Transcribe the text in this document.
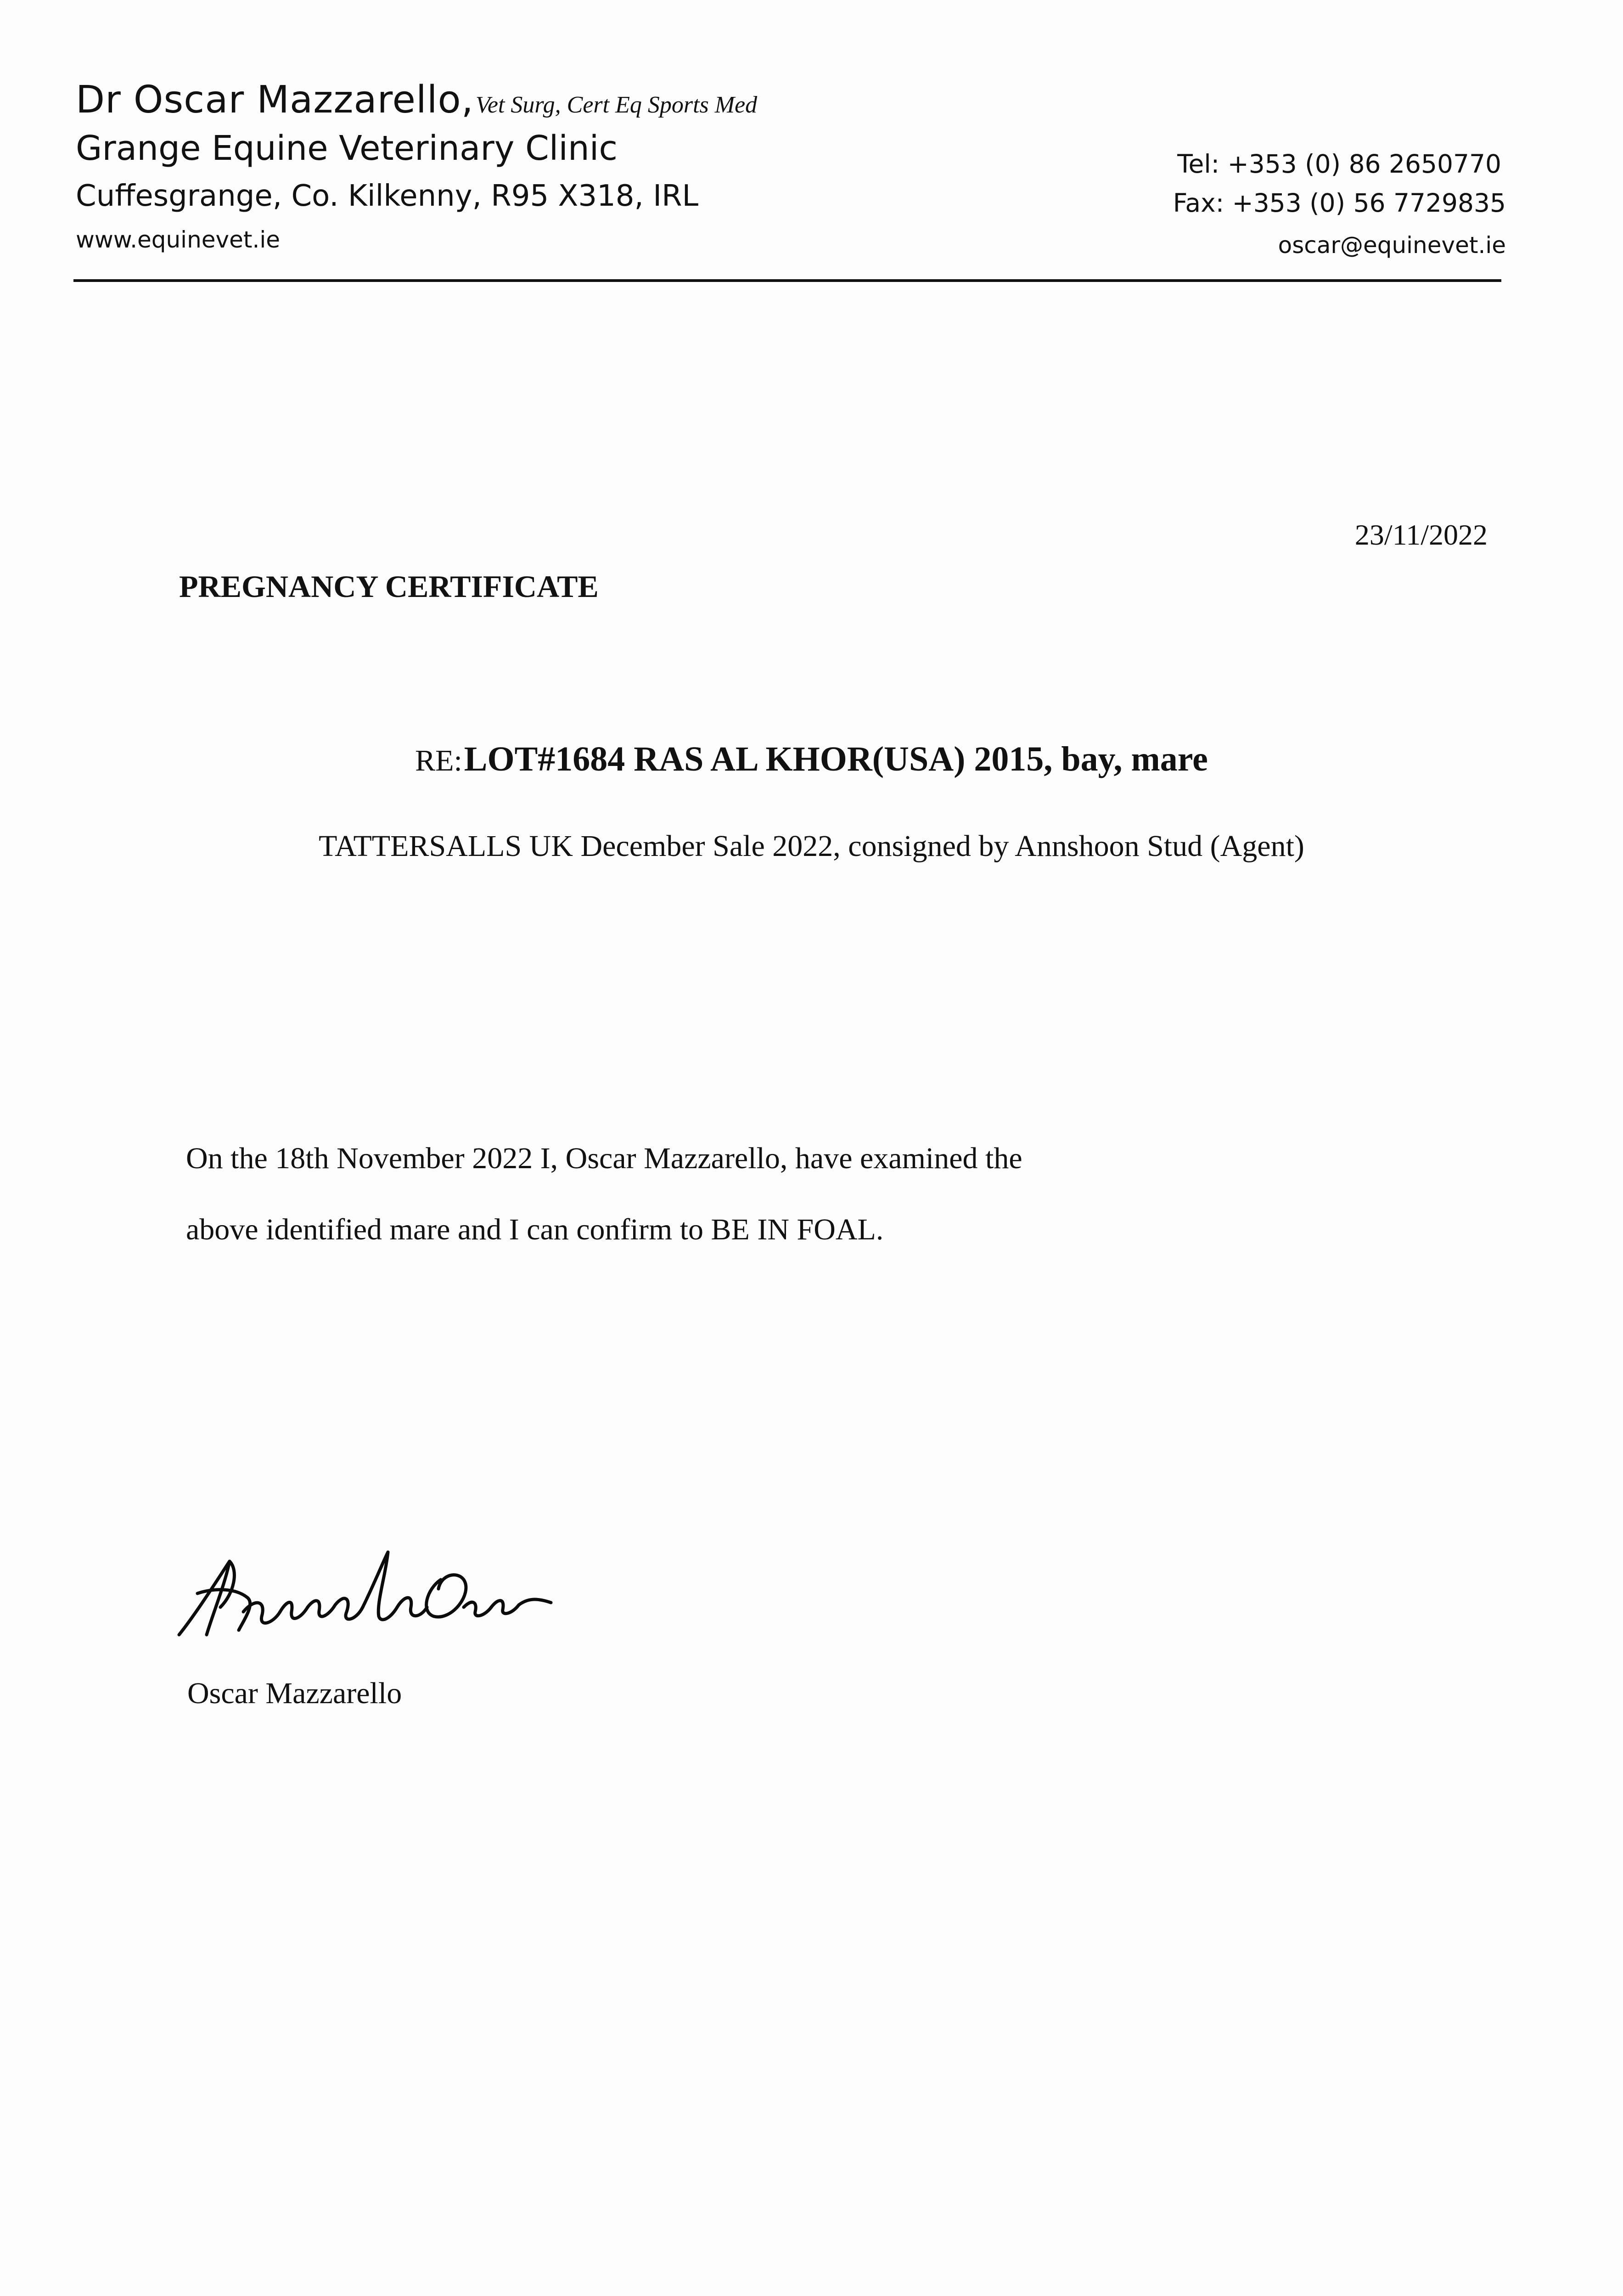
Dr Oscar Mazzarello, Vet Surg, Cert Eq Sports Med
Grange Equine Veterinary Clinic
Cuffesgrange, Co. Kilkenny, R95 X318, IRL
www.equinevet.ie
Tel: +353 (0) 86 2650770
Fax: +353 (0) 56 7729835
oscar@equinevet.ie
23/11/2022
PREGNANCY CERTIFICATE
RE: LOT#1684 RAS AL KHOR(USA) 2015, bay, mare
TATTERSALLS UK December Sale 2022, consigned by Annshoon Stud (Agent)
On the 18th November 2022 I, Oscar Mazzarello, have examined the
above identified mare and I can confirm to BE IN FOAL.
Oscar Mazzarello
